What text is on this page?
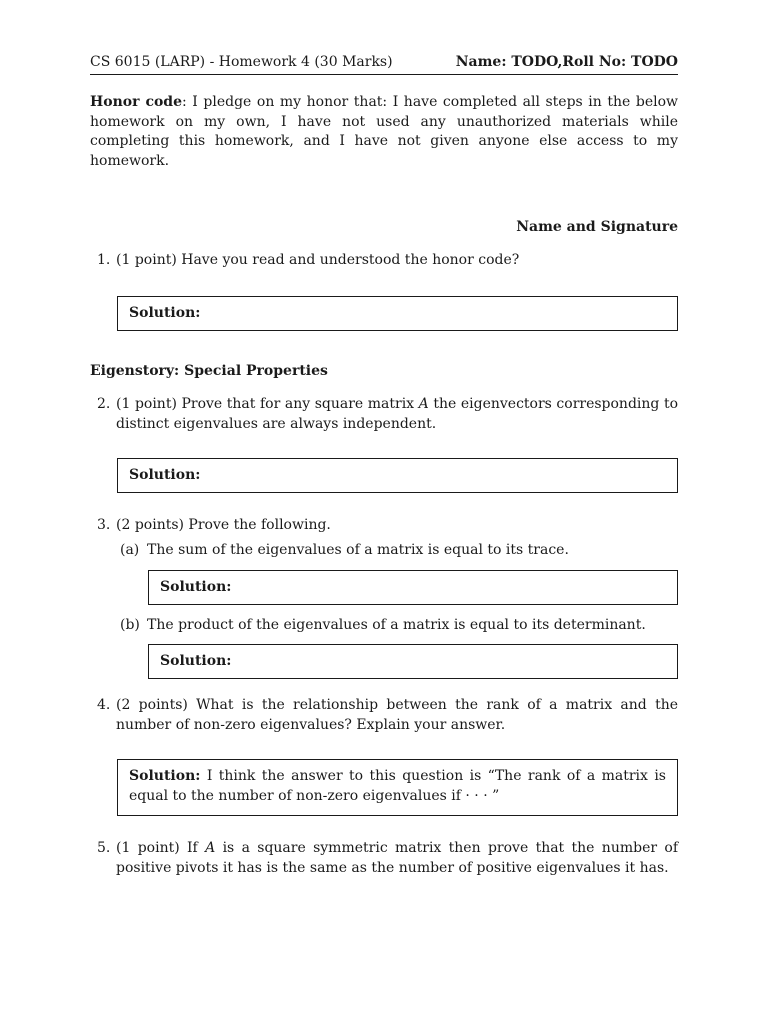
CS 6015 (LARP) - Homework 4 (30 Marks)	Name: TODO,Roll No: TODO
Honor code: I pledge on my honor that: I have completed all steps in the below homework on my own, I have not used any unauthorized materials while completing this homework, and I have not given anyone else access to my homework.
Name and Signature
1. (1 point) Have you read and understood the honor code?
Solution:
Eigenstory: Special Properties
2. (1 point) Prove that for any square matrix A the eigenvectors corresponding to distinct eigenvalues are always independent.
Solution:
3. (2 points) Prove the following.
(a) The sum of the eigenvalues of a matrix is equal to its trace.
Solution:
(b) The product of the eigenvalues of a matrix is equal to its determinant.
Solution:
4. (2 points) What is the relationship between the rank of a matrix and the number of non-zero eigenvalues? Explain your answer.
Solution: I think the answer to this question is “The rank of a matrix is equal to the number of non-zero eigenvalues if · · · ”
5. (1 point) If A is a square symmetric matrix then prove that the number of positive pivots it has is the same as the number of positive eigenvalues it has.
